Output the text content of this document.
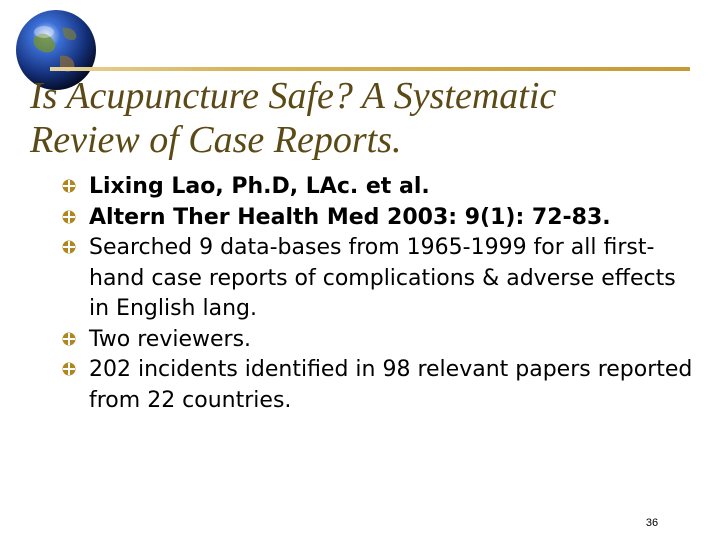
Is Acupuncture Safe? A Systematic
Review of Case Reports.
Lixing Lao, Ph.D, LAc. et al.
Altern Ther Health Med 2003: 9(1): 72-83.
Searched 9 data-bases from 1965-1999 for all first-hand case reports of complications & adverse effects in English lang.
Two reviewers.
202 incidents identified in 98 relevant papers reported from 22 countries.
36
